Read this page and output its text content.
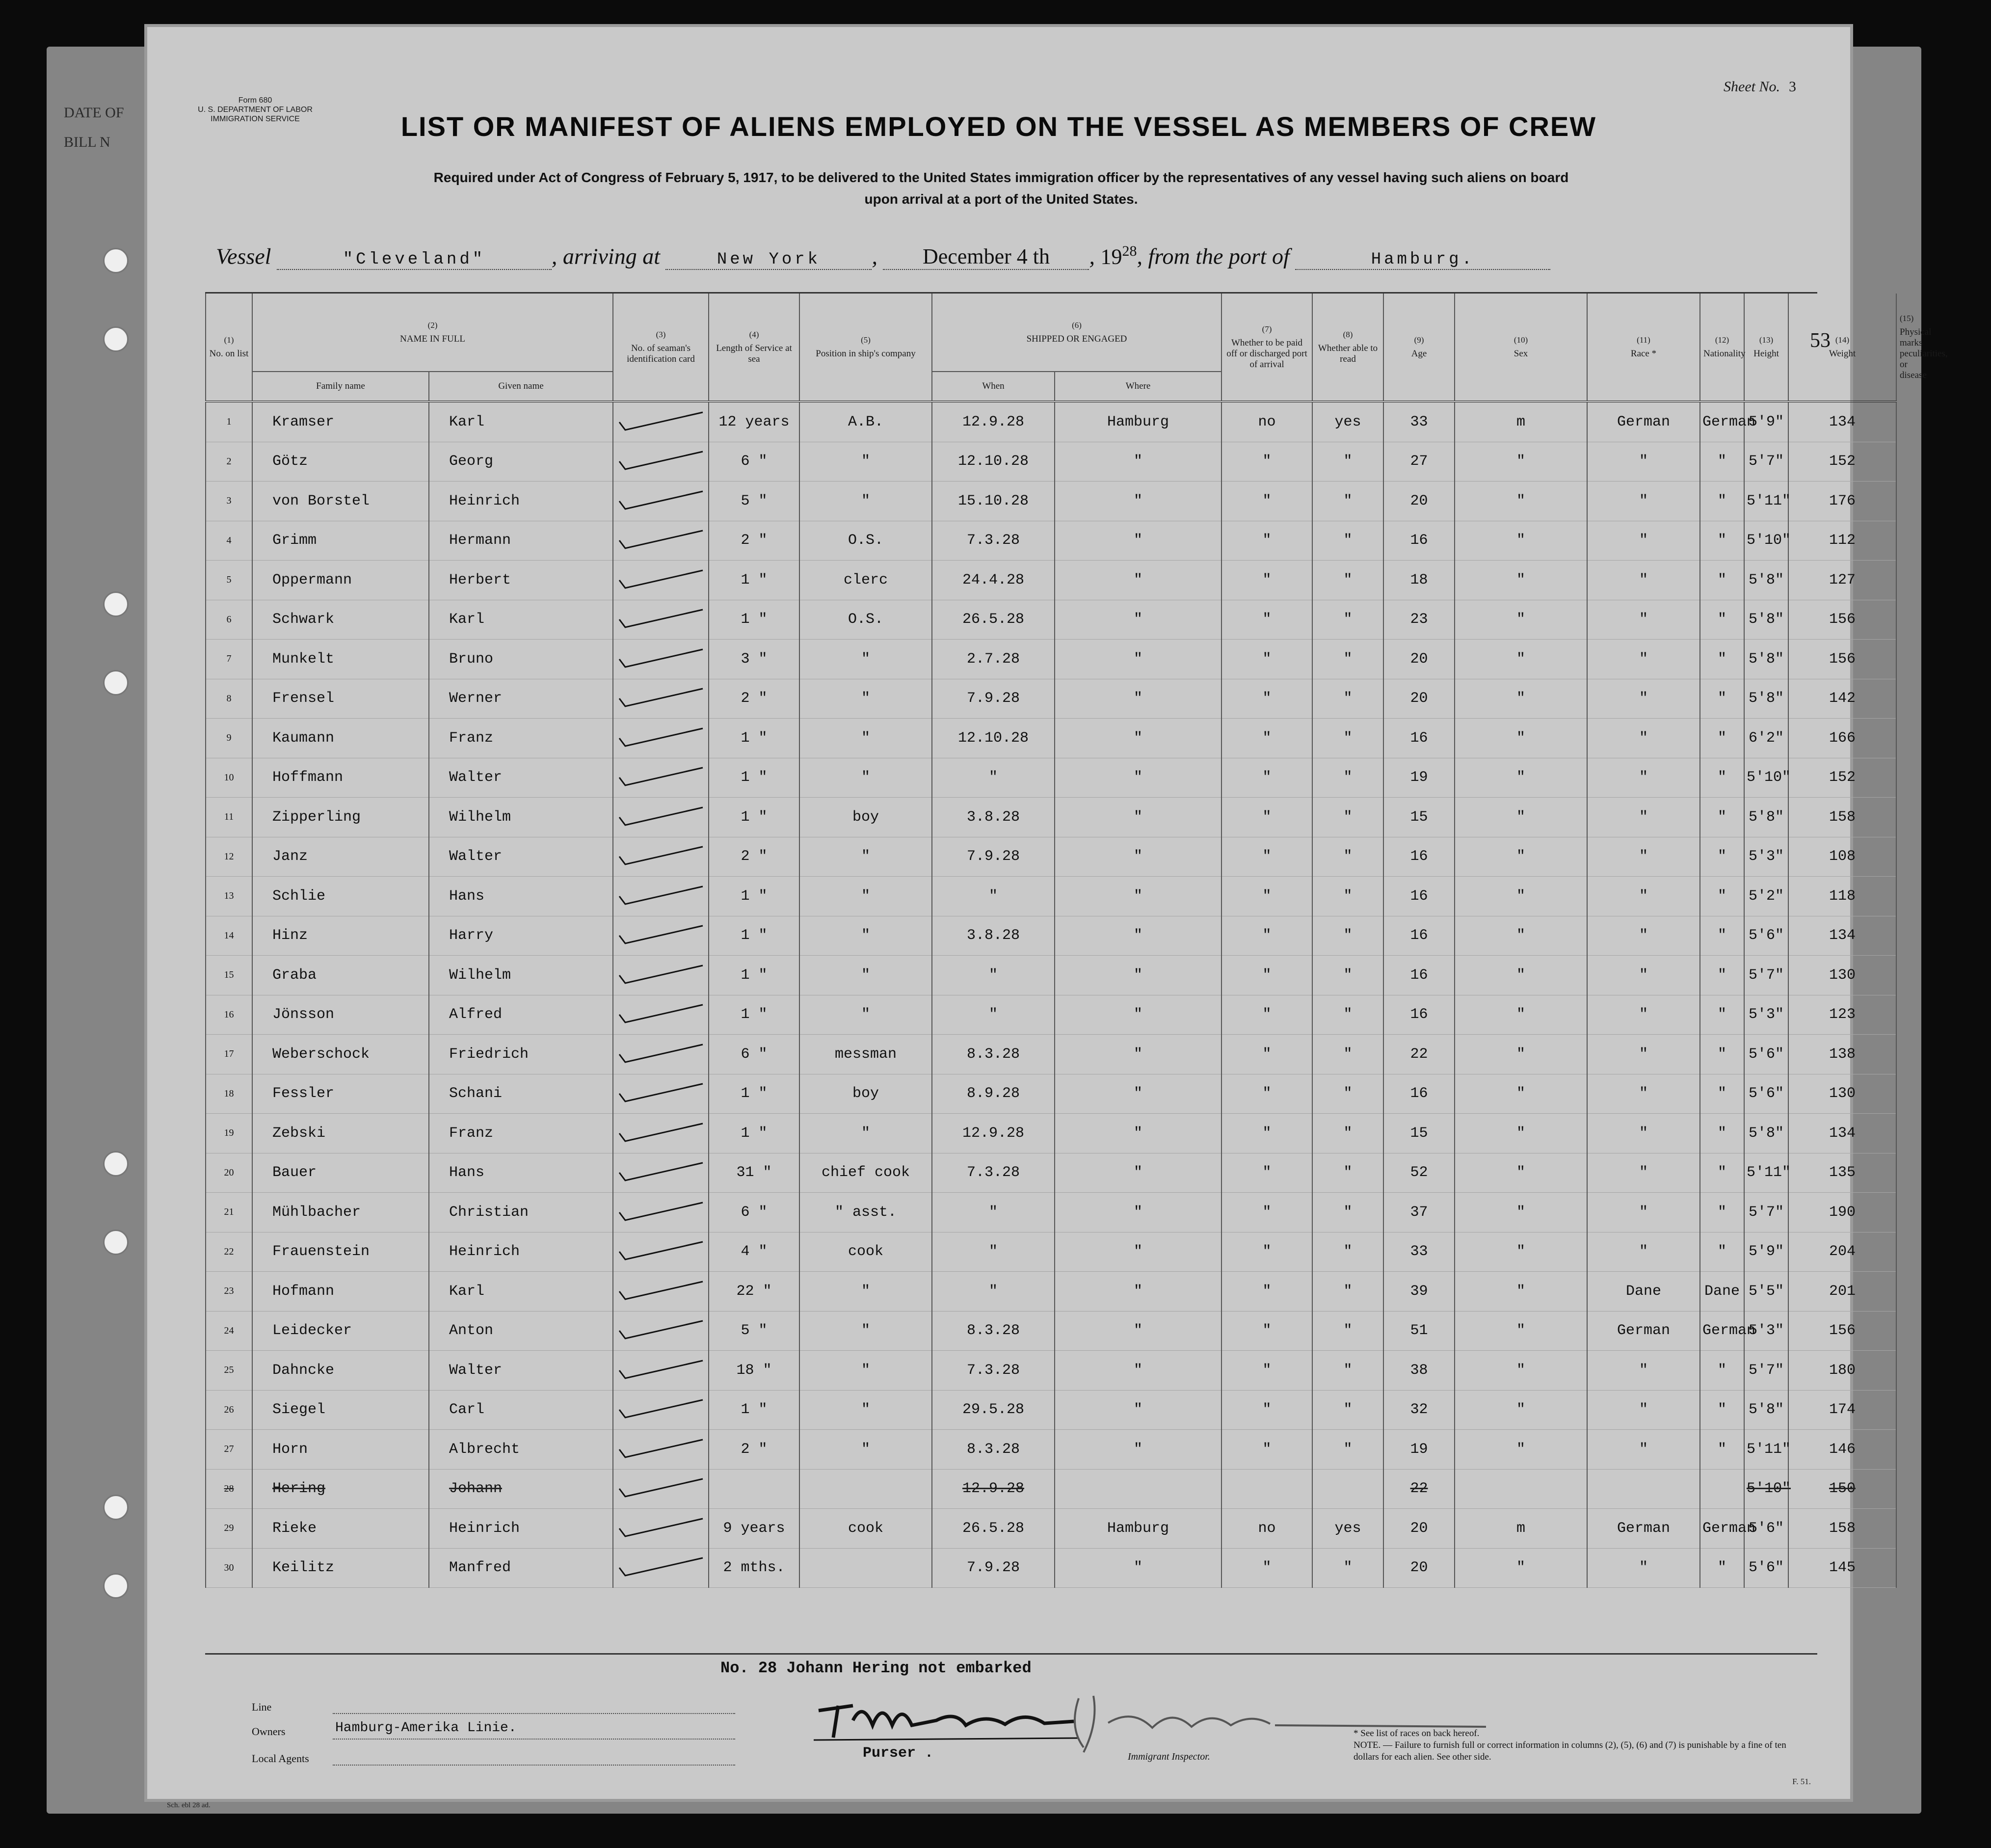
DATE OF
BILL N
Form 680
U. S. DEPARTMENT OF LABOR
IMMIGRATION SERVICE
Sheet No. 3
LIST OR MANIFEST OF ALIENS EMPLOYED ON THE VESSEL AS MEMBERS OF CREW
Required under Act of Congress of February 5, 1917, to be delivered to the United States immigration officer by the representatives of any vessel having such aliens on board
upon arrival at a port of the United States.
Vessel	"Cleveland"	, arriving at	New York , December 4 th , $19^{28}$, from the port of	Hamburg.
53
(1)
No. on list	(2)
NAME IN FULL		(3)
No. of seaman's identification card	(4)
Length of Service at sea	(5)
Position in ship's company	(6)
SHIPPED OR ENGAGED		(7)
Whether to be paid off or discharged port of arrival	(8)
Whether able to read	(9)
Age	(10)
Sex	(11)
Race *	(12)
Nationality	(13)
Height	(14)
Weight	Physical marks peculiarities, or disease
	Family name	Given name				When	Where									
1	Kramser	Karl		12 years	A.B.	12.9.28	Hamburg	no	yes	33	m	German	German	5'9"	134	
2	Götz	Georg		6 "	"	12.10.28	"	"	"	27	"	"	"	5'7"	152	
3	von Borstel	Heinrich		5 "	"	15.10.28	"	"	"	20	"	"	"	5'11"	176	
4	Grimm	Hermann		2 "	O.S.	7.3.28	"	"	"	16	"	"	"	5'10"	112	
5	Oppermann	Herbert		1 "	clerc	24.4.28	"	"	"	18	"	"	"	5'8"	127	
6	Schwark	Karl		1 "	O.S.	26.5.28	"	"	"	23	"	"	"	5'8"	156	
7	Munkelt	Bruno		3 "	"	2.7.28	"	"	"	20	"	"	"	5'8"	156	
8	Frensel	Werner		2 "	"	7.9.28	"	"	"	20	"	"	"	5'8"	142	
9	Kaumann	Franz		1 "	"	12.10.28	"	"	"	16	"	"	"	6'2"	166	
10	Hoffmann	Walter		1 "	"	"	"	"	"	19	"	"	"	5'10"	152	
11	Zipperling	Wilhelm		1 "	boy	3.8.28	"	"	"	15	"	"	"	5'8"	158	
12	Janz	Walter		2 "	"	7.9.28	"	"	"	16	"	"	"	5'3"	108	
13	Schlie	Hans		1 "	"	"	"	"	"	16	"	"	"	5'2"	118	
14	Hinz	Harry		1 "	"	3.8.28	"	"	"	16	"	"	"	5'6"	134	
15	Graba	Wilhelm		1 "	"	"	"	"	"	16	"	"	"	5'7"	130	
16	Jönsson	Alfred		1 "	"	"	"	"	"	16	"	"	"	5'3"	123	
17	Weberschock	Friedrich		6 "	messman	8.3.28	"	"	"	22	"	"	"	5'6"	138	
18	Fessler	Schani		1 "	boy	8.9.28	"	"	"	16	"	"	"	5'6"	130	
19	Zebski	Franz		1 "	"	12.9.28	"	"	"	15	"	"	"	5'8"	134	
20	Bauer	Hans		31 "	chief cook	7.3.28	"	"	"	52	"	"	"	5'11"	135	
21	Mühlbacher	Christian		6 "	" asst.	"	"	"	"	37	"	"	"	5'7"	190	
22	Frauenstein	Heinrich		4 "	cook	"	"	"	"	33	"	"	"	5'9"	204	
23	Hofmann	Karl		22 "	"	"	"	"	"	39	"	Dane	Dane	5'5"	201	
24	Leidecker	Anton		5 "	"	8.3.28	"	"	"	51	"	German	German	5'3"	156	
25	Dahncke	Walter		18 "	"	7.3.28	"	"	"	38	"	"	"	5'7"	180	
26	Siegel	Carl		1 "	"	29.5.28	"	"	"	32	"	"	"	5'8"	174	
27	Horn	Albrecht		2 "	"	8.3.28	"	"	"	19	"	"	"	5'11"	146	
28	Hering	Johann				12.9.28				22				5'10"	150	
29	Rieke	Heinrich		9 years	cook	26.5.28	Hamburg	no	yes	20	m	German	German	5'6"	158	
30	Keilitz	Manfred		2 mths.		7.9.28	"	"	"	20	"	"	"	5'6"	145	
No. 28 Johann Hering not embarked
Line
Owners	Hamburg-Amerika Linie.
Local Agents	Purser .	Immigrant Inspector.
* See list of races on back hereof.
NOTE. — Failure to furnish full or correct information in columns (2), (5), (6) and (7) is punishable by a fine of ten dollars for each alien. See other side.
Sch. ebl 28 ad.
F. 51.
